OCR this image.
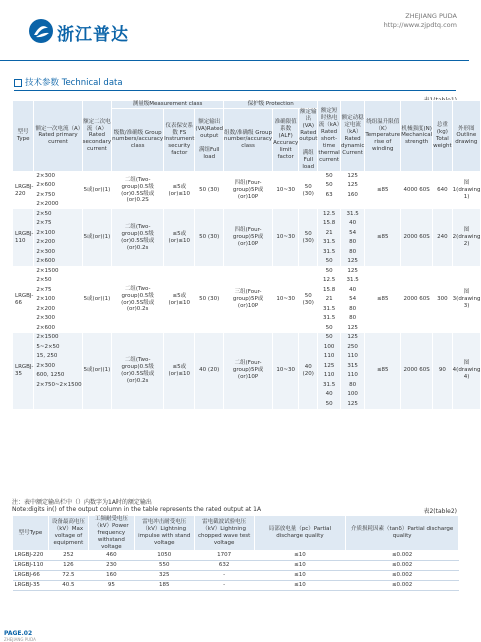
浙江普达
ZHEJIANG PUDA
http://www.zjpdtq.com
技术参数 Technical data
型号Type	额定一次电流（A）Rated primary current	额定二次电流（A）Rated secondary current	测量级Measurement class			保护级 Protection			额定短时热电流（kA）Rated short-time thermal current	额定动稳定电流（kA）Rated dynamic Current	绕组温升限值（K）Temperature rise of winding	机械强度(N) Mechanical strength	总重(kg) Total weight	外形图 Outline drawing
			级数/准确级 Group numbers/accuracy class	仪表保安系数 FS Instrument security factor	额定输出(VA)Rated output

满组Full load	组数/准确级 Group number/accuracy class	准确限值系数(ALF) Accuracy limit factor	额定输出 (VA) Rated output

满组Full load						
LRGBJ-220	2×300	5或(or)(1)	二组(Two-group)0.5级(or)0.5S级或(or)0.2S	≤5或(or)≤10	50 (30)	四组(Four-group)5P或(or)10P	10~30	50 (30)	50	125	≤85	4000 60S	640	图1(drawing 1)
	2×600								50	125				
	2×750								63	160				
	2×2000													
LRGBJ-110	2×50	5或(or)(1)	二组(Two-group)0.5级(or)0.5S级或(or)0.2s	≤5或(or)≤10	50 (30)	四组(Four-group)5P或(or)10P	10~30	50 (30)	12.5	31.5	≤85	2000 60S	240	图2(drawing 2)
	2×75								15.8	40				
	2×100								21	54				
	2×200								31.5	80				
	2×300								31.5	80				
	2×600								50	125				
LRGBJ-66	2×1500	5或(or)(1)	二组(Two-group)0.5级(or)0.5S级或(or)0.2s	≤5或(or)≤10	50 (30)	三组(Four-group)5P或(or)10P	10~30	50 (30)	50	125	≤85	2000 60S	300	图3(drawing 3)
	2×50								12.5	31.5				
	2×75								15.8	40				
	2×100								21	54				
	2×200								31.5	80				
	2×300								31.5	80				
	2×600								50	125				
LRGBJ-35	2×1500	5或(or)(1)	二组(Two-group)0.5级(or)0.5S级或(or)0.2s	≤5或(or)≤10	40 (20)	二组(Four-group)5P或(or)10P	10~30	40 (20)	50	125	≤85	2000 60S	90	图4(drawing 4)
	5~2×50								100	250				
	15, 250								110	110				
	2×300								125	315				
	600, 1250								110	110				
	2×750~2×1500								31.5	80				
									40	100				
									50	125				
注：表中额定输出栏中（）内数字为1A时的额定输出
Note:digits in() of the output column in the table represents the rated output at 1A	表2(table2)
型号Type	设备最高电压（kV）Max voltage of equipment	工频耐受电压（kV）Power frequency withstand voltage	雷电冲击耐受电压（kV）Lightning impulse with stand voltage	雷电截波试验电压（kV）Lightning chopped wave test voltage	局部放电量（pc）Partial discharge quality	介质损耗因素（tanδ）Partial discharge quality
LRGBJ-220	252	460	1050	1707	≤10	≤0.002
LRGBJ-110	126	230	550	632	≤10	≤0.002
LRGBJ-66	72.5	160	325	-	≤10	≤0.002
LRGBJ-35	40.5	95	185	-	≤10	≤0.002
PAGE.02
ZHEJIANG PUDA
